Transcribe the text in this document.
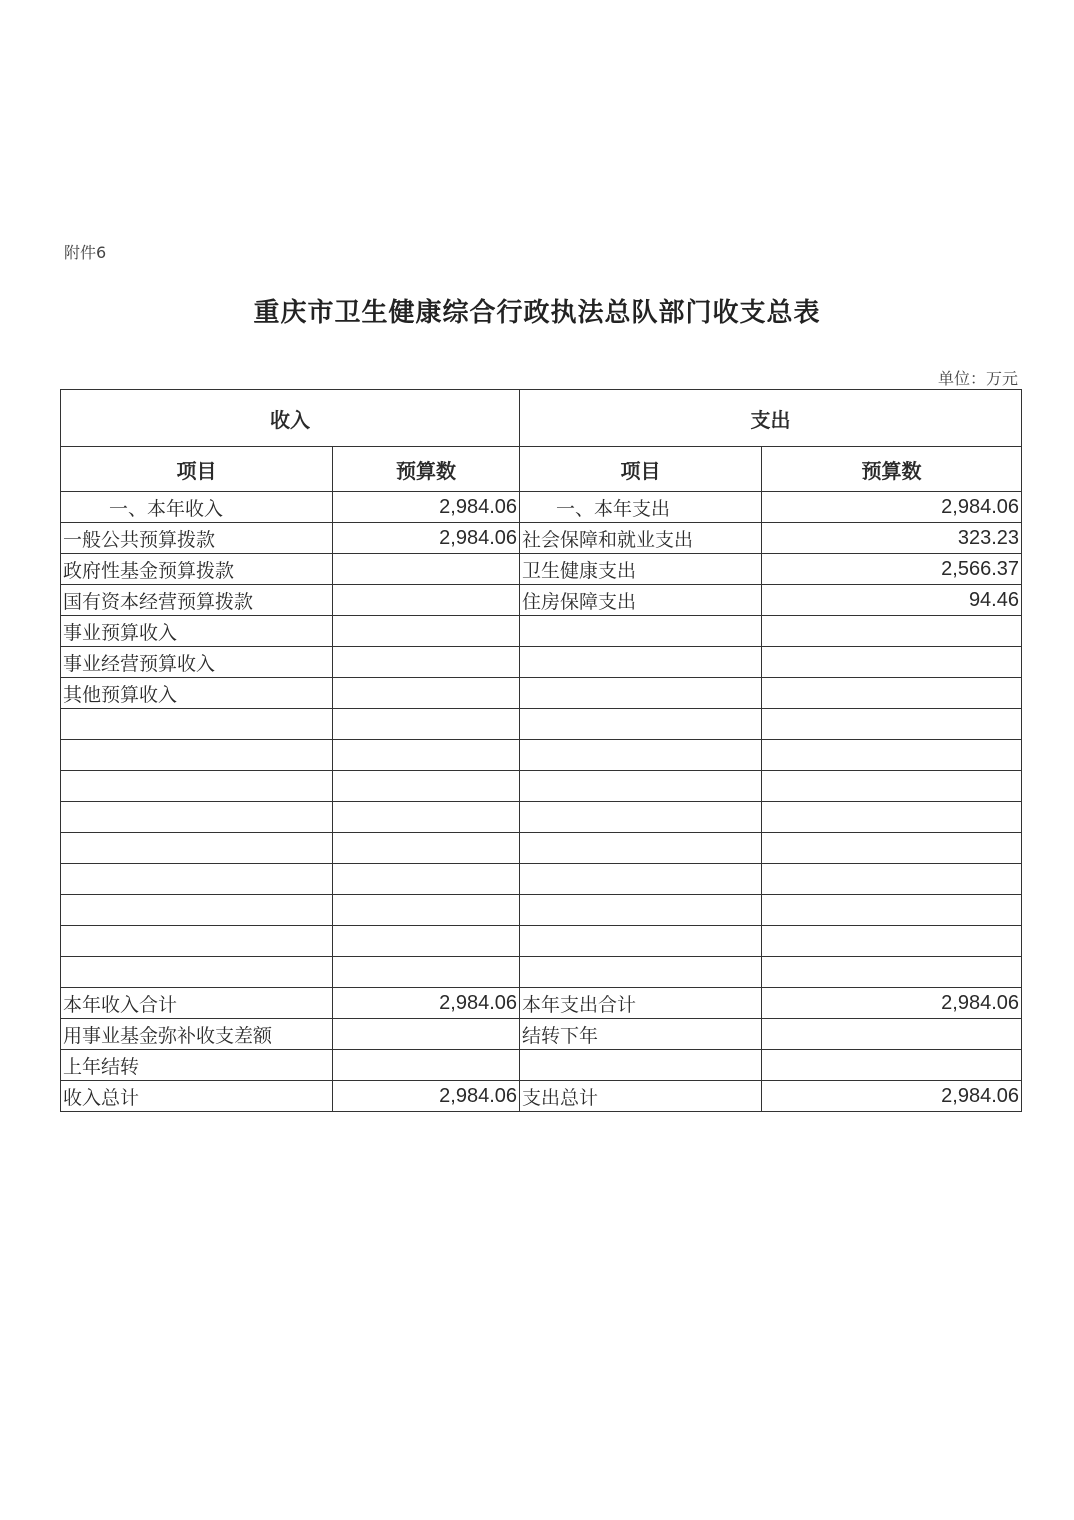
附件6
重庆市卫生健康综合行政执法总队部门收支总表
单位：万元
收入		支出	
项目	预算数	项目	预算数
一、本年收入	2,984.06	一、本年支出	2,984.06
一般公共预算拨款	2,984.06	社会保障和就业支出	323.23
政府性基金预算拨款		卫生健康支出	2,566.37
国有资本经营预算拨款		住房保障支出	94.46
事业预算收入			
事业经营预算收入			
其他预算收入			

本年收入合计	2,984.06	本年支出合计	2,984.06
用事业基金弥补收支差额		结转下年	
上年结转			
收入总计	2,984.06	支出总计	2,984.06
